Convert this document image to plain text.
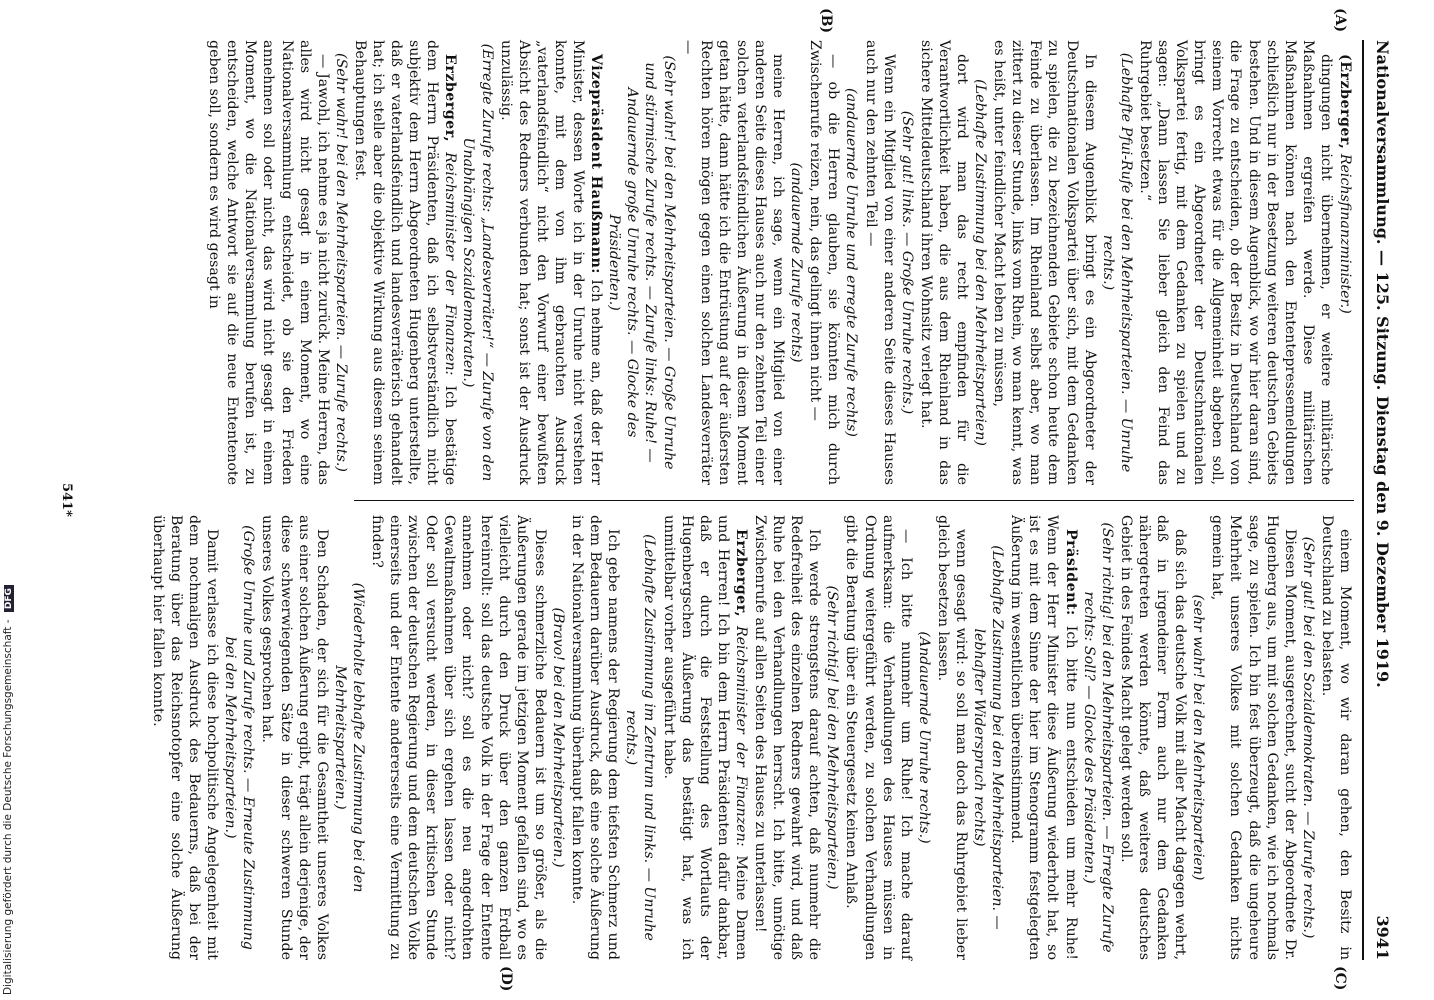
Nationalversammlung. — 125. Sitzung. Dienstag den 9. Dezember 1919.
3941
(A)
(B)
(C)
(D)

(Erzberger, Reichsfinanzminister.)

dingungen nicht übernehmen, er weitere militärische Maßnahmen ergreifen werde. Diese militärischen Maßnahmen können nach den Ententepressemeldungen schließlich nur in der Besetzung weiteren deutschen Gebiets bestehen. Und in diesem Augenblick, wo wir hier daran sind, die Frage zu entscheiden, ob der Besitz in Deutschland von seinem Vorrecht etwas für die Allgemeinheit abgeben soll, bringt es ein Abgeordneter der Deutschnationalen Volkspartei fertig, mit dem Gedanken zu spielen und zu sagen: „Dann lassen Sie lieber gleich den Feind das Ruhrgebiet besetzen.“

(Lebhafte Pfui-Rufe bei den Mehrheitsparteien. — Unruhe rechts.)

In diesem Augenblick bringt es ein Abgeordneter der Deutschnationalen Volkspartei über sich, mit dem Gedanken zu spielen, die zu bezeichnenden Gebiete schon heute dem Feinde zu überlassen. Im Rheinland selbst aber, wo man zittert zu dieser Stunde, links vom Rhein, wo man kennt, was es heißt, unter feindlicher Macht leben zu müssen,

(Lebhafte Zustimmung bei den Mehrheitsparteien)

dort wird man das recht empfinden für die Verantwortlichkeit haben, die aus dem Rheinland in das sichere Mitteldeutschland ihren Wohnsitz verlegt hat.

(Sehr gut! links. — Große Unruhe rechts.)

Wenn ein Mitglied von einer anderen Seite dieses Hauses auch nur den zehnten Teil —

(andauernde Unruhe und erregte Zurufe rechts)

— ob die Herren glauben, sie könnten mich durch Zwischenrufe reizen, nein, das gelingt ihnen nicht —

(andauernde Zurufe rechts)

meine Herren, ich sage, wenn ein Mitglied von einer anderen Seite dieses Hauses auch nur den zehnten Teil einer solchen vaterlandsfeindlichen Äußerung in diesem Moment getan hätte, dann hätte ich die Entrüstung auf der äußersten Rechten hören mögen gegen einen solchen Landesverräter —

(Sehr wahr! bei den Mehrheitsparteien. — Große Unruhe und stürmische Zurufe rechts. — Zurufe links: Ruhe! — Andauernde große Unruhe rechts. — Glocke des Präsidenten.)

Vizepräsident Haußmann: Ich nehme an, daß der Herr Minister, dessen Worte ich in der Unruhe nicht verstehen konnte, mit dem von ihm gebrauchten Ausdruck „vaterlandsfeindlich“ nicht den Vorwurf einer bewußten Absicht des Redners verbunden hat; sonst ist der Ausdruck unzulässig.

(Erregte Zurufe rechts: „Landesverräter!“ — Zurufe von den Unabhängigen Sozialdemokraten.)

Erzberger, Reichsminister der Finanzen: Ich bestätige dem Herrn Präsidenten, daß ich selbstverständlich nicht subjektiv dem Herrn Abgeordneten Hugenberg unterstellte, daß er vaterlandsfeindlich und landesverräterisch gehandelt hat; ich stelle aber die objektive Wirkung aus diesem seinem Behauptungen fest.

(Sehr wahr! bei den Mehrheitsparteien. — Zurufe rechts.)

— Jawohl, ich nehme es ja nicht zurück. Meine Herren, das alles wird nicht gesagt in einem Moment, wo eine Nationalversammlung entscheidet, ob sie den Frieden annehmen soll oder nicht, das wird nicht gesagt in einem Moment, wo die Nationalversammlung berufen ist, zu entscheiden, welche Antwort sie auf die neue Ententenote geben soll, sondern es wird gesagt in

einem Moment, wo wir daran gehen, den Besitz in Deutschland zu belasten.

(Sehr gut! bei den Sozialdemokraten. — Zurufe rechts.)

Diesen Moment, ausgerechnet, sucht der Abgeordnete Dr. Hugenberg aus, um mit solchen Gedanken, wie ich nochmals sage, zu spielen. Ich bin fest überzeugt, daß die ungeheure Mehrheit unseres Volkes mit solchen Gedanken nichts gemein hat,

(sehr wahr! bei den Mehrheitsparteien)

daß sich das deutsche Volk mit aller Macht dagegen wehrt, daß in irgendeiner Form auch nur dem Gedanken nähergetreten werden könnte, daß weiteres deutsches Gebiet in des Feindes Macht gelegt werden soll.

(Sehr richtig! bei den Mehrheitsparteien. — Erregte Zurufe rechts: Soll? — Glocke des Präsidenten.)

Präsident: Ich bitte nun entschieden um mehr Ruhe! Wenn der Herr Minister diese Äußerung wiederholt hat, so ist es mit dem Sinne der hier im Stenogramm festgelegten Äußerung im wesentlichen übereinstimmend.

(Lebhafte Zustimmung bei den Mehrheitsparteien. — lebhafter Widerspruch rechts)

wenn gesagt wird: so soll man doch das Ruhrgebiet lieber gleich besetzen lassen.

(Andauernde Unruhe rechts.)

— Ich bitte nunmehr um Ruhe! Ich mache darauf aufmerksam: die Verhandlungen des Hauses müssen in Ordnung weitergeführt werden, zu solchen Verhandlungen gibt die Beratung über ein Steuergesetz keinen Anlaß.

(Sehr richtig! bei den Mehrheitsparteien.)

Ich werde strengstens darauf achten, daß nunmehr die Redefreiheit des einzelnen Redners gewahrt wird, und daß Ruhe bei den Verhandlungen herrscht. Ich bitte, unnötige Zwischenrufe auf allen Seiten des Hauses zu unterlassen!

Erzberger, Reichsminister der Finanzen: Meine Damen und Herren! Ich bin dem Herrn Präsidenten dafür dankbar, daß er durch die Feststellung des Wortlauts der Hugenbergschen Äußerung das bestätigt hat, was ich unmittelbar vorher ausgeführt habe.

(Lebhafte Zustimmung im Zentrum und links. — Unruhe rechts.)

Ich gebe namens der Regierung dem tiefsten Schmerz und dem Bedauern darüber Ausdruck, daß eine solche Äußerung in der Nationalversammlung überhaupt fallen konnte.

(Bravo! bei den Mehrheitsparteien.)

Dieses schmerzliche Bedauern ist um so größer, als die Äußerungen gerade im jetzigen Moment gefallen sind, wo es vielleicht durch den Druck über den ganzen Erdball hereinrollt: soll das deutsche Volk in der Frage der Entente annehmen oder nicht? soll es die neu angedrohten Gewaltmaßnahmen über sich ergehen lassen oder nicht? Oder soll versucht werden, in dieser kritischen Stunde zwischen der deutschen Regierung und dem deutschen Volke einerseits und der Entente andererseits eine Vermittlung zu finden?

(Wiederholte lebhafte Zustimmung bei den Mehrheitsparteien.)

Den Schaden, der sich für die Gesamtheit unseres Volkes aus einer solchen Äußerung ergibt, trägt allein derjenige, der diese schwerwiegenden Sätze in dieser schweren Stunde unseres Volkes gesprochen hat.

(Große Unruhe und Zurufe rechts. — Erneute Zustimmung bei den Mehrheitsparteien.)

Damit verlasse ich diese hochpolitische Angelegenheit mit dem nochmaligen Ausdruck des Bedauerns, daß bei der Beratung über das Reichsnotopfer eine solche Äußerung überhaupt hier fallen konnte.

541*
Digitalisierung gefördert durch die Deutsche Forschungsgemeinschaft - DFG
